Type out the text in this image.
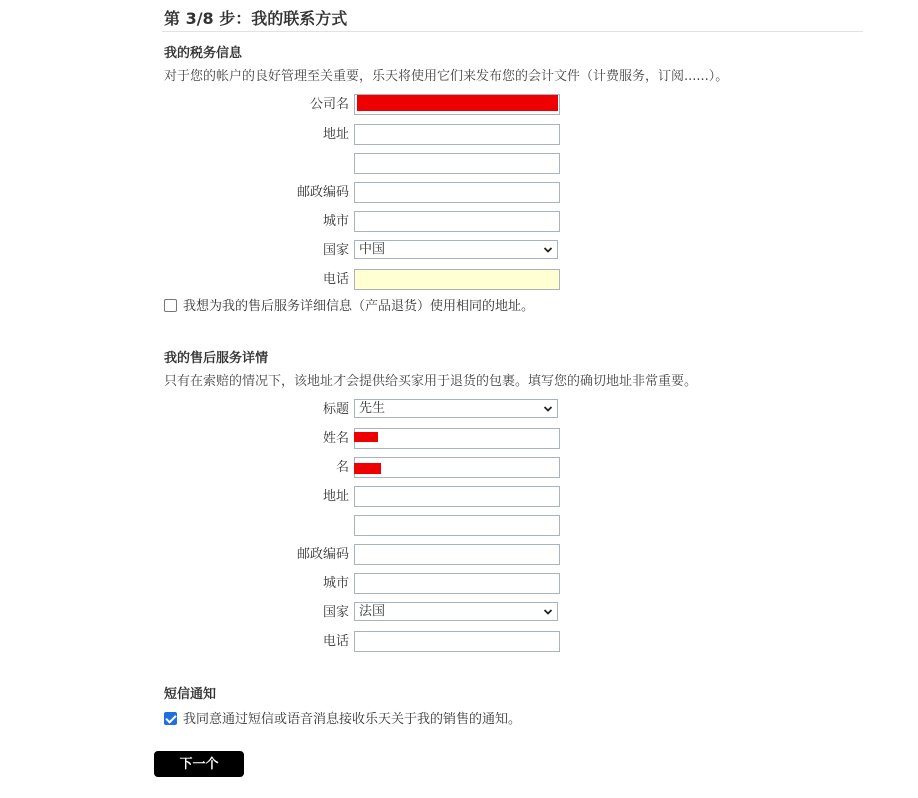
第 3/8 步：我的联系方式
我的税务信息

对于您的帐户的良好管理至关重要，乐天将使用它们来发布您的会计文件（计费服务，订阅......）。

公司名
地址
邮政编码
城市
国家 中国
电话
我想为我的售后服务详细信息（产品退货）使用相同的地址。
我的售后服务详情

只有在索赔的情况下，该地址才会提供给买家用于退货的包裹。填写您的确切地址非常重要。

标题 先生
姓名
名
地址
邮政编码
城市
国家 法国
电话
短信通知
我同意通过短信或语音消息接收乐天关于我的销售的通知。
下一个
